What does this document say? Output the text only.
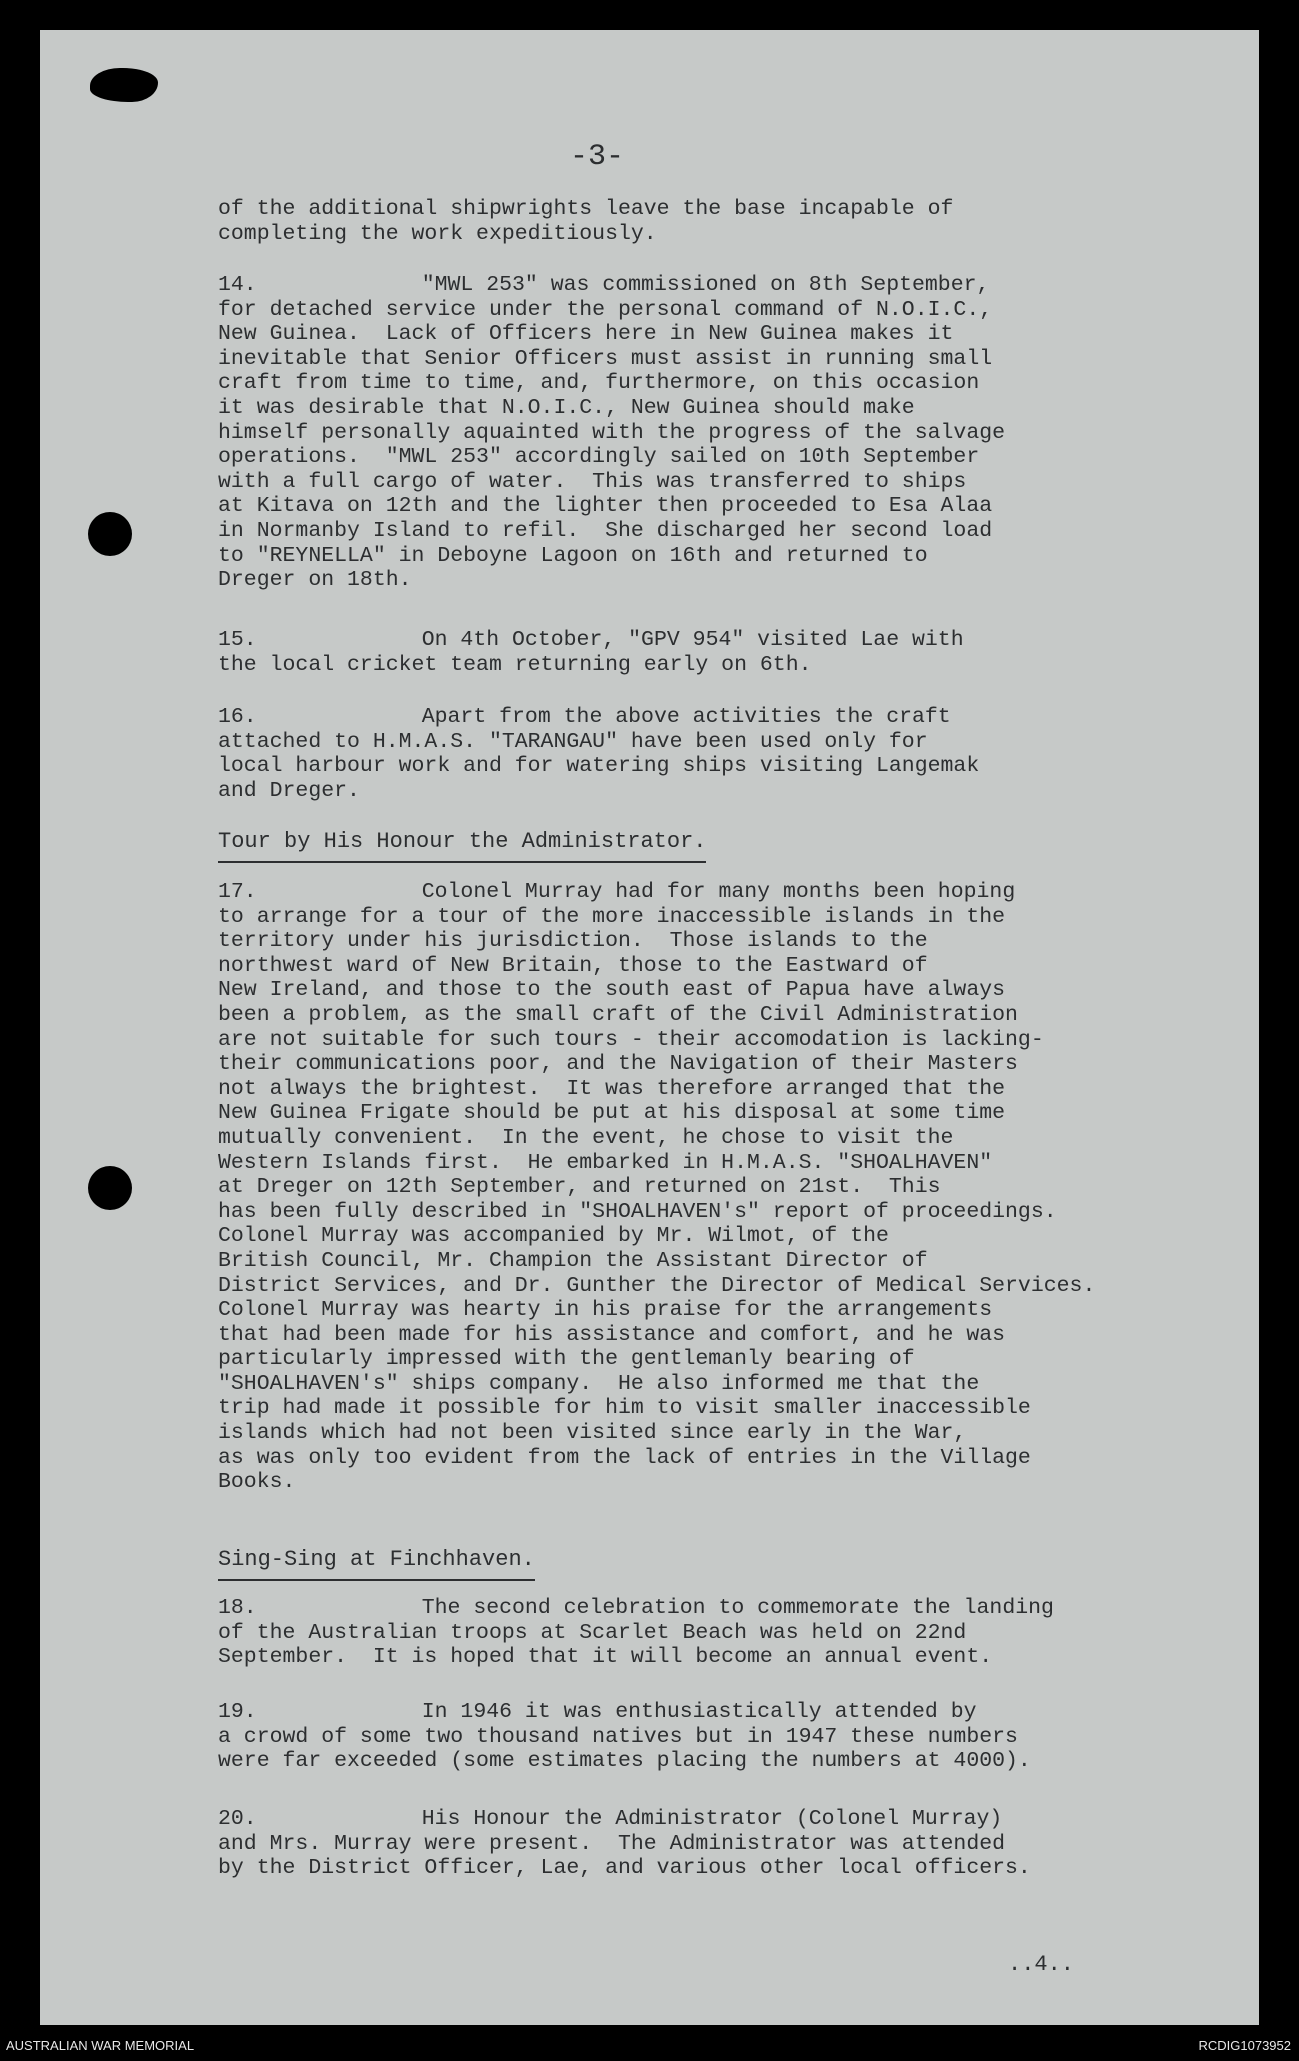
-3-
of the additional shipwrights leave the base incapable of
completing the work expeditiously.
14.	"MWL 253" was commissioned on 8th September,
for detached service under the personal command of N.O.I.C.,
New Guinea.  Lack of Officers here in New Guinea makes it
inevitable that Senior Officers must assist in running small
craft from time to time, and, furthermore, on this occasion
it was desirable that N.O.I.C., New Guinea should make
himself personally aquainted with the progress of the salvage
operations.  "MWL 253" accordingly sailed on 10th September
with a full cargo of water.  This was transferred to ships
at Kitava on 12th and the lighter then proceeded to Esa Alaa
in Normanby Island to refil.  She discharged her second load
to "REYNELLA" in Deboyne Lagoon on 16th and returned to
Dreger on 18th.
15.	On 4th October, "GPV 954" visited Lae with
the local cricket team returning early on 6th.
16.	Apart from the above activities the craft
attached to H.M.A.S. "TARANGAU" have been used only for
local harbour work and for watering ships visiting Langemak
and Dreger.
Tour by His Honour the Administrator.
17.	Colonel Murray had for many months been hoping
to arrange for a tour of the more inaccessible islands in the
territory under his jurisdiction.  Those islands to the
northwest ward of New Britain, those to the Eastward of
New Ireland, and those to the south east of Papua have always
been a problem, as the small craft of the Civil Administration
are not suitable for such tours - their accomodation is lacking-
their communications poor, and the Navigation of their Masters
not always the brightest.  It was therefore arranged that the
New Guinea Frigate should be put at his disposal at some time
mutually convenient.  In the event, he chose to visit the
Western Islands first.  He embarked in H.M.A.S. "SHOALHAVEN"
at Dreger on 12th September, and returned on 21st.  This
has been fully described in "SHOALHAVEN's" report of proceedings.
Colonel Murray was accompanied by Mr. Wilmot, of the
British Council, Mr. Champion the Assistant Director of
District Services, and Dr. Gunther the Director of Medical Services.
Colonel Murray was hearty in his praise for the arrangements
that had been made for his assistance and comfort, and he was
particularly impressed with the gentlemanly bearing of
"SHOALHAVEN's" ships company.  He also informed me that the
trip had made it possible for him to visit smaller inaccessible
islands which had not been visited since early in the War,
as was only too evident from the lack of entries in the Village
Books.
Sing-Sing at Finchhaven.
18.	The second celebration to commemorate the landing
of the Australian troops at Scarlet Beach was held on 22nd
September.  It is hoped that it will become an annual event.
19.	In 1946 it was enthusiastically attended by
a crowd of some two thousand natives but in 1947 these numbers
were far exceeded (some estimates placing the numbers at 4000).
20.	His Honour the Administrator (Colonel Murray)
and Mrs. Murray were present.  The Administrator was attended
by the District Officer, Lae, and various other local officers.
..4..
AUSTRALIAN WAR MEMORIAL	RCDIG1073952
